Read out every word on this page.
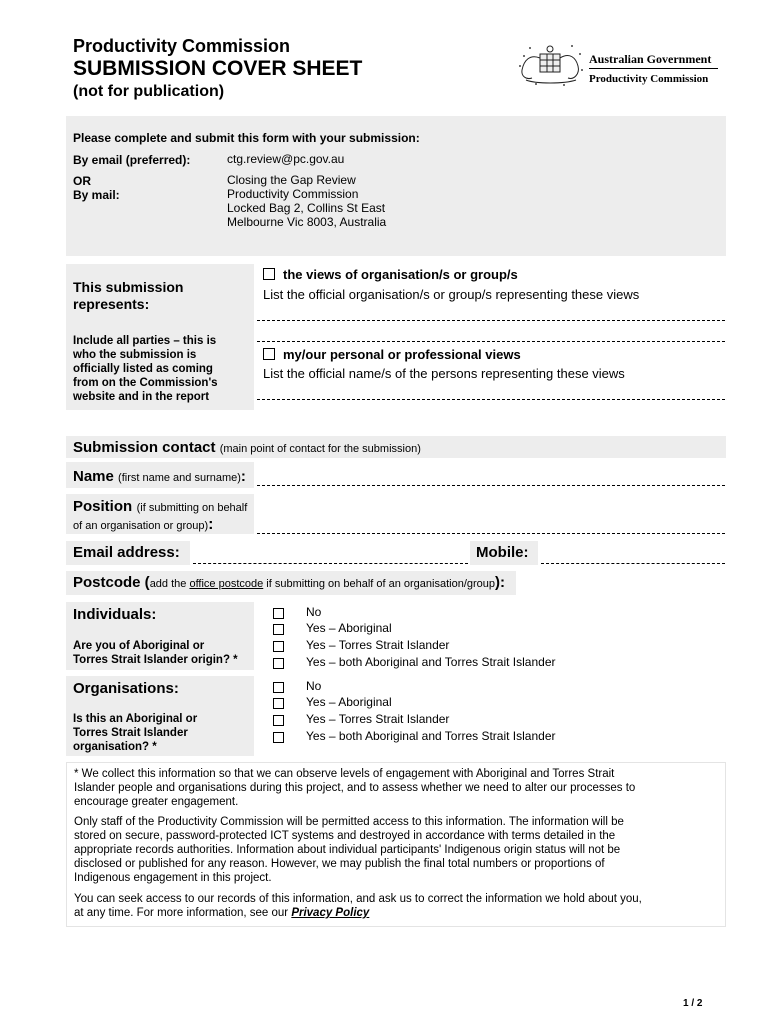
Productivity Commission
SUBMISSION COVER SHEET
(not for publication)
Australian Government
Productivity Commission
Please complete and submit this form with your submission:
By email (preferred):	ctg.review@pc.gov.au
OR
By mail:
Closing the Gap Review
Productivity Commission
Locked Bag 2, Collins St East
Melbourne Vic 8003, Australia
This submission
represents:
Include all parties – this is
who the submission is
officially listed as coming
from on the Commission's
website and in the report
the views of organisation/s or group/s
List the official organisation/s or group/s representing these views
my/our personal or professional views
List the official name/s of the persons representing these views
Submission contact (main point of contact for the submission)
Name (first name and surname):
Position (if submitting on behalf
of an organisation or group):
Email address:	Mobile:
Postcode (add the office postcode if submitting on behalf of an organisation/group):
Individuals:
Are you of Aboriginal or
Torres Strait Islander origin? *
No
Yes – Aboriginal
Yes – Torres Strait Islander
Yes – both Aboriginal and Torres Strait Islander
Organisations:
Is this an Aboriginal or
Torres Strait Islander
organisation? *
No
Yes – Aboriginal
Yes – Torres Strait Islander
Yes – both Aboriginal and Torres Strait Islander
* We collect this information so that we can observe levels of engagement with Aboriginal and Torres Strait
Islander people and organisations during this project, and to assess whether we need to alter our processes to
encourage greater engagement.
Only staff of the Productivity Commission will be permitted access to this information. The information will be
stored on secure, password-protected ICT systems and destroyed in accordance with terms detailed in the
appropriate records authorities. Information about individual participants' Indigenous origin status will not be
disclosed or published for any reason. However, we may publish the final total numbers or proportions of
Indigenous engagement in this project.
You can seek access to our records of this information, and ask us to correct the information we hold about you,
at any time. For more information, see our Privacy Policy
1 / 2
